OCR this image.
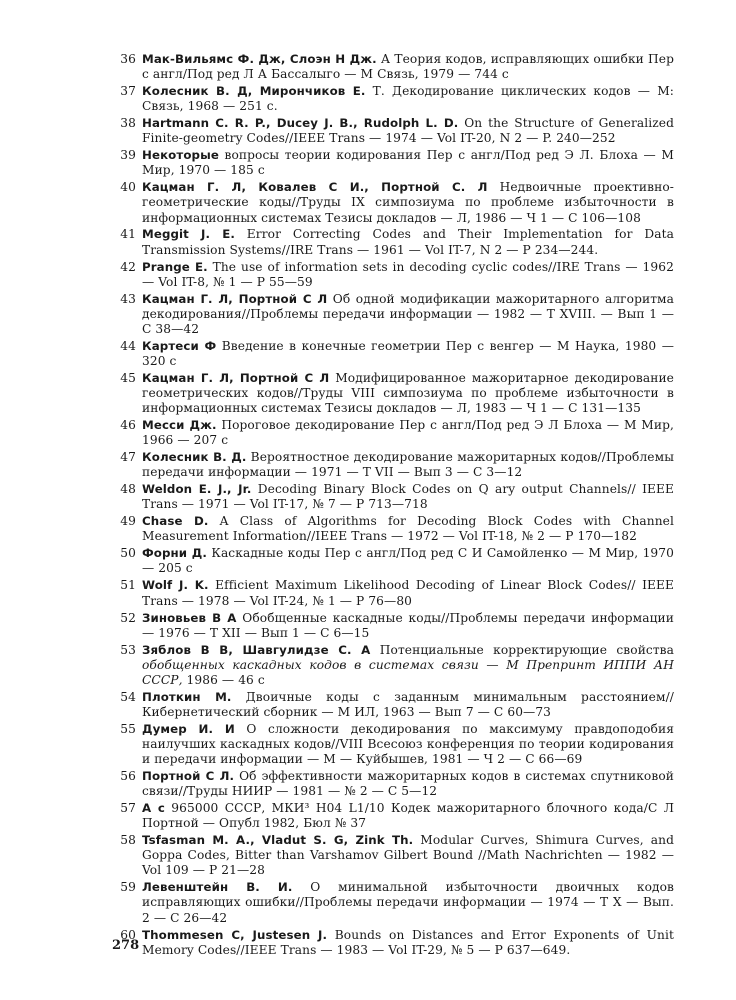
36 Мак-Вильямс Ф. Дж, Слоэн Н Дж. А Теория кодов, исправляющих ошибки Пер с англ/Под ред Л А Бассалыго — М Связь, 1979 — 744 с
37 Колесник В. Д, Мирончиков Е. Т. Декодирование циклических кодов — М: Связь, 1968 — 251 с.
38 Hartmann C. R. P., Ducey J. B., Rudolph L. D. On the Structure of Generalized Finite-geometry Codes//IEEE Trans — 1974 — Vol IT-20, N 2 — P. 240—252
39 Некоторые вопросы теории кодирования Пер с англ/Под ред Э Л. Блоха — М Мир, 1970 — 185 с
40 Кацман Г. Л, Ковалев С И., Портной С. Л Недвоичные проективно-геометрические коды//Труды IX симпозиума по проблеме избыточности в информационных системах Тезисы докладов — Л, 1986 — Ч 1 — С 106—108
41 Meggit J. E. Error Correcting Codes and Their Implementation for Data Transmission Systems//IRE Trans — 1961 — Vol IT-7, N 2 — P 234—244.
42 Prange E. The use of information sets in decoding cyclic codes//IRE Trans — 1962 — Vol IT-8, № 1 — P 55—59
43 Кацман Г. Л, Портной С Л Об одной модификации мажоритарного алгоритма декодирования//Проблемы передачи информации — 1982 — Т XVIII. — Вып 1 — С 38—42
44 Картеси Ф Введение в конечные геометрии Пер с венгер — М Наука, 1980 — 320 с
45 Кацман Г. Л, Портной С Л Модифицированное мажоритарное декодирование геометрических кодов//Труды VIII симпозиума по проблеме избыточности в информационных системах Тезисы докладов — Л, 1983 — Ч 1 — С 131—135
46 Месси Дж. Пороговое декодирование Пер с англ/Под ред Э Л Блоха — М Мир, 1966 — 207 с
47 Колесник В. Д. Вероятностное декодирование мажоритарных кодов//Проблемы передачи информации — 1971 — Т VII — Вып 3 — С 3—12
48 Weldon E. J., Jr. Decoding Binary Block Codes on Q ary output Channels// IEEE Trans — 1971 — Vol IT-17, № 7 — P 713—718
49 Chase D. A Class of Algorithms for Decoding Block Codes with Channel Measurement Information//IEEE Trans — 1972 — Vol IT-18, № 2 — P 170—182
50 Форни Д. Каскадные коды Пер с англ/Под ред С И Самойленко — М Мир, 1970 — 205 с
51 Wolf J. K. Efficient Maximum Likelihood Decoding of Linear Block Codes// IEEE Trans — 1978 — Vol IT-24, № 1 — P 76—80
52 Зиновьев В А Обобщенные каскадные коды//Проблемы передачи информации — 1976 — Т XII — Вып 1 — С 6—15
53 Зяблов В В, Шавгулидзе С. А Потенциальные корректирующие свойства обобщенных каскадных кодов в системах связи — М Препринт ИППИ АН СССР, 1986 — 46 с
54 Плоткин М. Двоичные коды с заданным минимальным расстоянием//Кибернетический сборник — М ИЛ, 1963 — Вып 7 — С 60—73
55 Думер И. И О сложности декодирования по максимуму правдоподобия наилучших каскадных кодов//VIII Всесоюз конференция по теории кодирования и передачи информации — М — Куйбышев, 1981 — Ч 2 — С 66—69
56 Портной С Л. Об эффективности мажоритарных кодов в системах спутниковой связи//Труды НИИР — 1981 — № 2 — С 5—12
57 А с 965000 СССР, МКИ³ Н04 L1/10 Кодек мажоритарного блочного кода/С Л Портной — Опубл 1982, Бюл № 37
58 Tsfasman M. A., Vladut S. G, Zink Th. Modular Curves, Shimura Curves, and Goppa Codes, Bitter than Varshamov Gilbert Bound //Math Nachrichten — 1982 — Vol 109 — P 21—28
59 Левенштейн В. И. О минимальной избыточности двоичных кодов исправляющих ошибки//Проблемы передачи информации — 1974 — Т X — Вып. 2 — С 26—42
60 Thommesen C, Justesen J. Bounds on Distances and Error Exponents of Unit Memory Codes//IEEE Trans — 1983 — Vol IT-29, № 5 — P 637—649.
278
